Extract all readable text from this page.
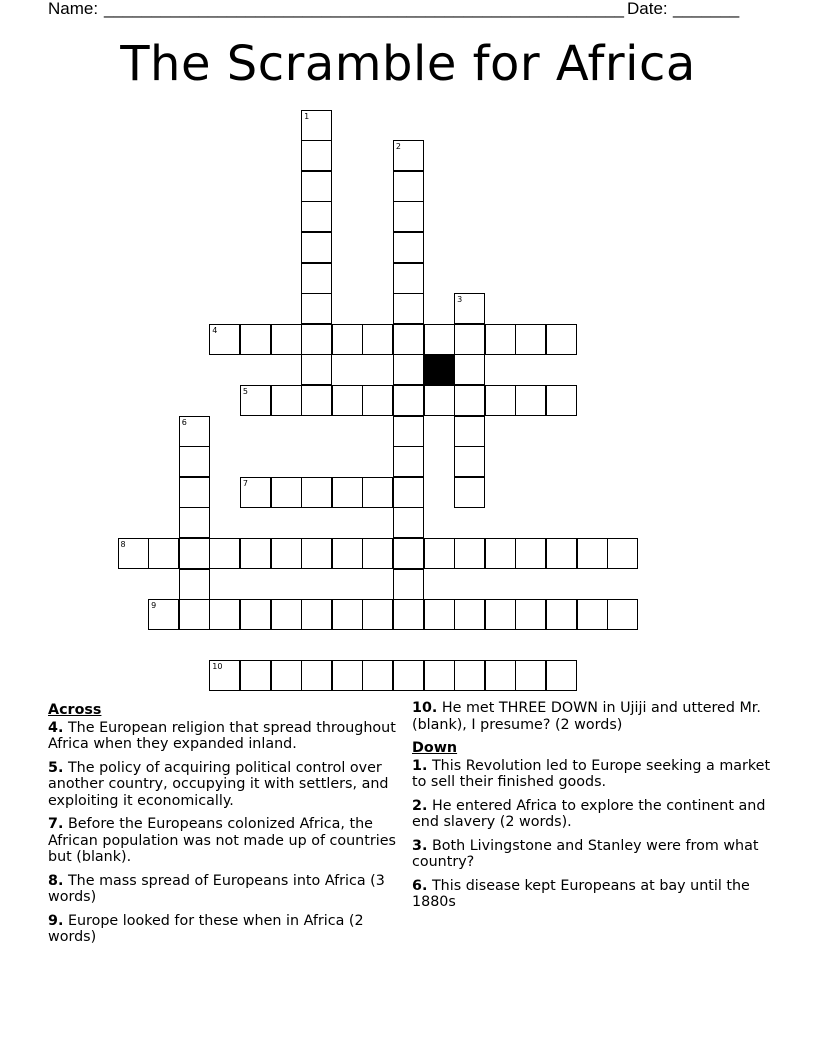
Name: _______________________________________________________ Date: _______
The Scramble for Africa
1
2
3
4
5
6
7
8
9
10
Across
4. The European religion that spread throughout Africa when they expanded inland.
5. The policy of acquiring political control over another country, occupying it with settlers, and exploiting it economically.
7. Before the Europeans colonized Africa, the African population was not made up of countries but (blank).
8. The mass spread of Europeans into Africa (3 words)
9. Europe looked for these when in Africa (2 words)
10. He met THREE DOWN in Ujiji and uttered Mr. (blank), I presume? (2 words)
Down
1. This Revolution led to Europe seeking a market to sell their finished goods.
2. He entered Africa to explore the continent and end slavery (2 words).
3. Both Livingstone and Stanley were from what country?
6. This disease kept Europeans at bay until the 1880s
